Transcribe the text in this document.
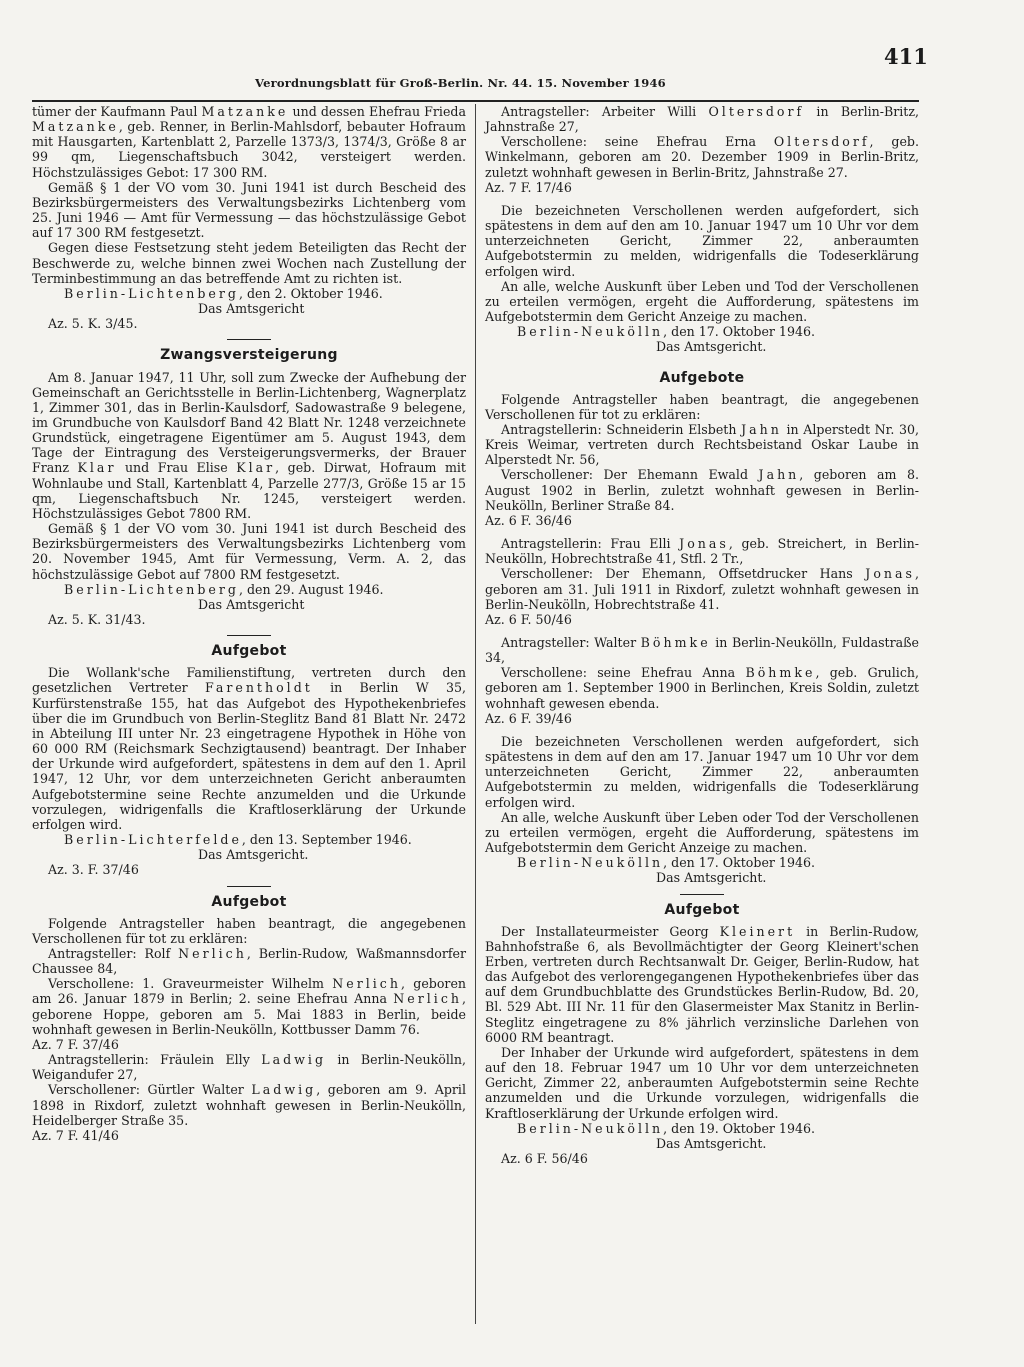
Verordnungsblatt für Groß-Berlin. Nr. 44. 15. November 1946
411

tümer der Kaufmann Paul Matzanke und dessen Ehefrau Frieda Matzanke, geb. Renner, in Berlin-Mahlsdorf, bebauter Hofraum mit Hausgarten, Kartenblatt 2, Parzelle 1373/3, 1374/3, Größe 8 ar 99 qm, Liegenschaftsbuch 3042, versteigert werden. Höchstzulässiges Gebot: 17 300 RM.

Gemäß § 1 der VO vom 30. Juni 1941 ist durch Bescheid des Bezirksbürgermeisters des Verwaltungsbezirks Lichtenberg vom 25. Juni 1946 — Amt für Vermessung — das höchstzulässige Gebot auf 17 300 RM festgesetzt.

Gegen diese Festsetzung steht jedem Beteiligten das Recht der Beschwerde zu, welche binnen zwei Wochen nach Zustellung der Terminbestimmung an das betreffende Amt zu richten ist.

Berlin-Lichtenberg, den 2. Oktober 1946.

Das Amtsgericht

Az. 5. K. 3/45.

Zwangsversteigerung

Am 8. Januar 1947, 11 Uhr, soll zum Zwecke der Aufhebung der Gemeinschaft an Gerichtsstelle in Berlin-Lichtenberg, Wagnerplatz 1, Zimmer 301, das in Berlin-Kaulsdorf, Sadowastraße 9 belegene, im Grundbuche von Kaulsdorf Band 42 Blatt Nr. 1248 verzeichnete Grundstück, eingetragene Eigentümer am 5. August 1943, dem Tage der Eintragung des Versteigerungsvermerks, der Brauer Franz Klar und Frau Elise Klar, geb. Dirwat, Hofraum mit Wohnlaube und Stall, Kartenblatt 4, Parzelle 277/3, Größe 15 ar 15 qm, Liegenschaftsbuch Nr. 1245, versteigert werden. Höchstzulässiges Gebot 7800 RM.

Gemäß § 1 der VO vom 30. Juni 1941 ist durch Bescheid des Bezirksbürgermeisters des Verwaltungsbezirks Lichtenberg vom 20. November 1945, Amt für Vermessung, Verm. A. 2, das höchstzulässige Gebot auf 7800 RM festgesetzt.

Berlin-Lichtenberg, den 29. August 1946.

Das Amtsgericht

Az. 5. K. 31/43.

Aufgebot

Die Wollank'sche Familienstiftung, vertreten durch den gesetzlichen Vertreter Farentholdt in Berlin W 35, Kurfürstenstraße 155, hat das Aufgebot des Hypothekenbriefes über die im Grundbuch von Berlin-Steglitz Band 81 Blatt Nr. 2472 in Abteilung III unter Nr. 23 eingetragene Hypothek in Höhe von 60 000 RM (Reichsmark Sechzigtausend) beantragt. Der Inhaber der Urkunde wird aufgefordert, spätestens in dem auf den 1. April 1947, 12 Uhr, vor dem unterzeichneten Gericht anberaumten Aufgebotstermine seine Rechte anzumelden und die Urkunde vorzulegen, widrigenfalls die Kraftloserklärung der Urkunde erfolgen wird.

Berlin-Lichterfelde, den 13. September 1946.

Das Amtsgericht.

Az. 3. F. 37/46

Aufgebot

Folgende Antragsteller haben beantragt, die angegebenen Verschollenen für tot zu erklären:

Antragsteller: Rolf Nerlich, Berlin-Rudow, Waßmannsdorfer Chaussee 84,

Verschollene: 1. Graveurmeister Wilhelm Nerlich, geboren am 26. Januar 1879 in Berlin; 2. seine Ehefrau Anna Nerlich, geborene Hoppe, geboren am 5. Mai 1883 in Berlin, beide wohnhaft gewesen in Berlin-Neukölln, Kottbusser Damm 76.

Az. 7 F. 37/46

Antragstellerin: Fräulein Elly Ladwig in Berlin-Neukölln, Weigandufer 27,

Verschollener: Gürtler Walter Ladwig, geboren am 9. April 1898 in Rixdorf, zuletzt wohnhaft gewesen in Berlin-Neukölln, Heidelberger Straße 35.

Az. 7 F. 41/46

Antragsteller: Arbeiter Willi Oltersdorf in Berlin-Britz, Jahnstraße 27,

Verschollene: seine Ehefrau Erna Oltersdorf, geb. Winkelmann, geboren am 20. Dezember 1909 in Berlin-Britz, zuletzt wohnhaft gewesen in Berlin-Britz, Jahnstraße 27.

Az. 7 F. 17/46

Die bezeichneten Verschollenen werden aufgefordert, sich spätestens in dem auf den am 10. Januar 1947 um 10 Uhr vor dem unterzeichneten Gericht, Zimmer 22, anberaumten Aufgebotstermin zu melden, widrigenfalls die Todeserklärung erfolgen wird.

An alle, welche Auskunft über Leben und Tod der Verschollenen zu erteilen vermögen, ergeht die Aufforderung, spätestens im Aufgebotstermin dem Gericht Anzeige zu machen.

Berlin-Neukölln, den 17. Oktober 1946.

Das Amtsgericht.

Aufgebote

Folgende Antragsteller haben beantragt, die angegebenen Verschollenen für tot zu erklären:

Antragstellerin: Schneiderin Elsbeth Jahn in Alperstedt Nr. 30, Kreis Weimar, vertreten durch Rechtsbeistand Oskar Laube in Alperstedt Nr. 56,

Verschollener: Der Ehemann Ewald Jahn, geboren am 8. August 1902 in Berlin, zuletzt wohnhaft gewesen in Berlin-Neukölln, Berliner Straße 84.

Az. 6 F. 36/46

Antragstellerin: Frau Elli Jonas, geb. Streichert, in Berlin-Neukölln, Hobrechtstraße 41, Stfl. 2 Tr.,

Verschollener: Der Ehemann, Offsetdrucker Hans Jonas, geboren am 31. Juli 1911 in Rixdorf, zuletzt wohnhaft gewesen in Berlin-Neukölln, Hobrechtstraße 41.

Az. 6 F. 50/46

Antragsteller: Walter Böhmke in Berlin-Neukölln, Fuldastraße 34,

Verschollene: seine Ehefrau Anna Böhmke, geb. Grulich, geboren am 1. September 1900 in Berlinchen, Kreis Soldin, zuletzt wohnhaft gewesen ebenda.

Az. 6 F. 39/46

Die bezeichneten Verschollenen werden aufgefordert, sich spätestens in dem auf den am 17. Januar 1947 um 10 Uhr vor dem unterzeichneten Gericht, Zimmer 22, anberaumten Aufgebotstermin zu melden, widrigenfalls die Todeserklärung erfolgen wird.

An alle, welche Auskunft über Leben oder Tod der Verschollenen zu erteilen vermögen, ergeht die Aufforderung, spätestens im Aufgebotstermin dem Gericht Anzeige zu machen.

Berlin-Neukölln, den 17. Oktober 1946.

Das Amtsgericht.

Aufgebot

Der Installateurmeister Georg Kleinert in Berlin-Rudow, Bahnhofstraße 6, als Bevollmächtigter der Georg Kleinert'schen Erben, vertreten durch Rechtsanwalt Dr. Geiger, Berlin-Rudow, hat das Aufgebot des verlorengegangenen Hypothekenbriefes über das auf dem Grundbuchblatte des Grundstückes Berlin-Rudow, Bd. 20, Bl. 529 Abt. III Nr. 11 für den Glasermeister Max Stanitz in Berlin-Steglitz eingetragene zu 8% jährlich verzinsliche Darlehen von 6000 RM beantragt.

Der Inhaber der Urkunde wird aufgefordert, spätestens in dem auf den 18. Februar 1947 um 10 Uhr vor dem unterzeichneten Gericht, Zimmer 22, anberaumten Aufgebotstermin seine Rechte anzumelden und die Urkunde vorzulegen, widrigenfalls die Kraftloserklärung der Urkunde erfolgen wird.

Berlin-Neukölln, den 19. Oktober 1946.

Das Amtsgericht.

Az. 6 F. 56/46
